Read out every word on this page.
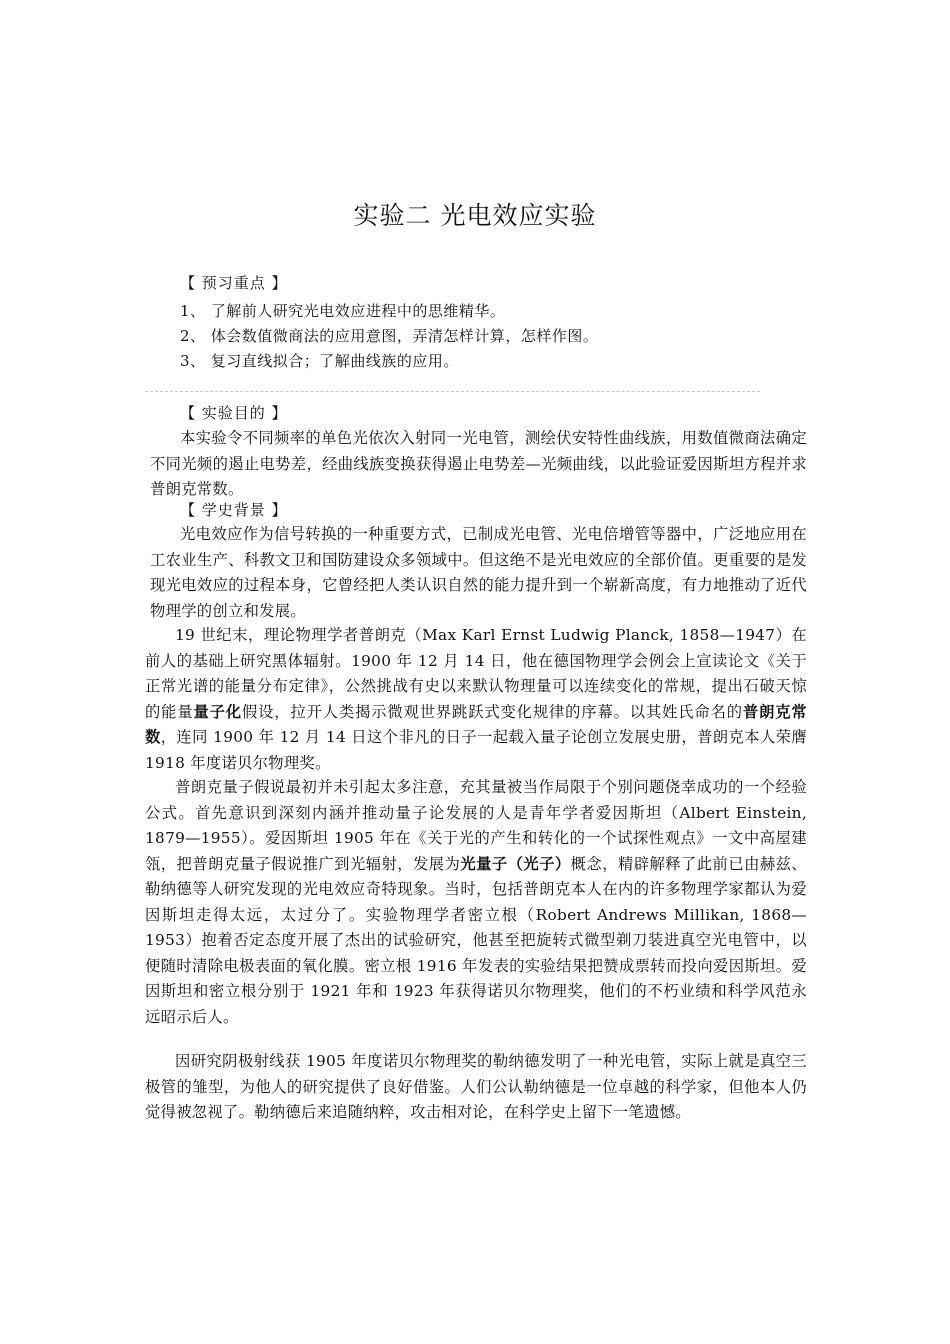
实验二 光电效应实验
【 预习重点 】
1、 了解前人研究光电效应进程中的思维精华。
2、 体会数值微商法的应用意图，弄清怎样计算，怎样作图。
3、 复习直线拟合；了解曲线族的应用。
【 实验目的 】

本实验令不同频率的单色光依次入射同一光电管，测绘伏安特性曲线族，用数值微商法确定不同光频的遏止电势差，经曲线族变换获得遏止电势差—光频曲线，以此验证爱因斯坦方程并求普朗克常数。

【 学史背景 】

光电效应作为信号转换的一种重要方式，已制成光电管、光电倍增管等器中，广泛地应用在工农业生产、科教文卫和国防建设众多领域中。但这绝不是光电效应的全部价值。更重要的是发现光电效应的过程本身，它曾经把人类认识自然的能力提升到一个崭新高度，有力地推动了近代物理学的创立和发展。

19 世纪末，理论物理学者普朗克（Max Karl Ernst Ludwig Planck, 1858—1947）在前人的基础上研究黑体辐射。1900 年 12 月 14 日，他在德国物理学会例会上宣读论文《关于正常光谱的能量分布定律》，公然挑战有史以来默认物理量可以连续变化的常规，提出石破天惊的能量量子化假设，拉开人类揭示微观世界跳跃式变化规律的序幕。以其姓氏命名的普朗克常数，连同 1900 年 12 月 14 日这个非凡的日子一起载入量子论创立发展史册，普朗克本人荣膺 1918 年度诺贝尔物理奖。

普朗克量子假说最初并未引起太多注意，充其量被当作局限于个别问题侥幸成功的一个经验公式。首先意识到深刻内涵并推动量子论发展的人是青年学者爱因斯坦（Albert Einstein, 1879—1955）。爱因斯坦 1905 年在《关于光的产生和转化的一个试探性观点》一文中高屋建瓴，把普朗克量子假说推广到光辐射，发展为光量子（光子）概念，精辟解释了此前已由赫兹、勒纳德等人研究发现的光电效应奇特现象。当时，包括普朗克本人在内的许多物理学家都认为爱因斯坦走得太远，太过分了。实验物理学者密立根（Robert Andrews Millikan, 1868—1953）抱着否定态度开展了杰出的试验研究，他甚至把旋转式微型剃刀装进真空光电管中，以便随时清除电极表面的氧化膜。密立根 1916 年发表的实验结果把赞成票转而投向爱因斯坦。爱因斯坦和密立根分别于 1921 年和 1923 年获得诺贝尔物理奖，他们的不朽业绩和科学风范永远昭示后人。

因研究阴极射线获 1905 年度诺贝尔物理奖的勒纳德发明了一种光电管，实际上就是真空三极管的雏型，为他人的研究提供了良好借鉴。人们公认勒纳德是一位卓越的科学家，但他本人仍觉得被忽视了。勒纳德后来追随纳粹，攻击相对论，在科学史上留下一笔遗憾。
